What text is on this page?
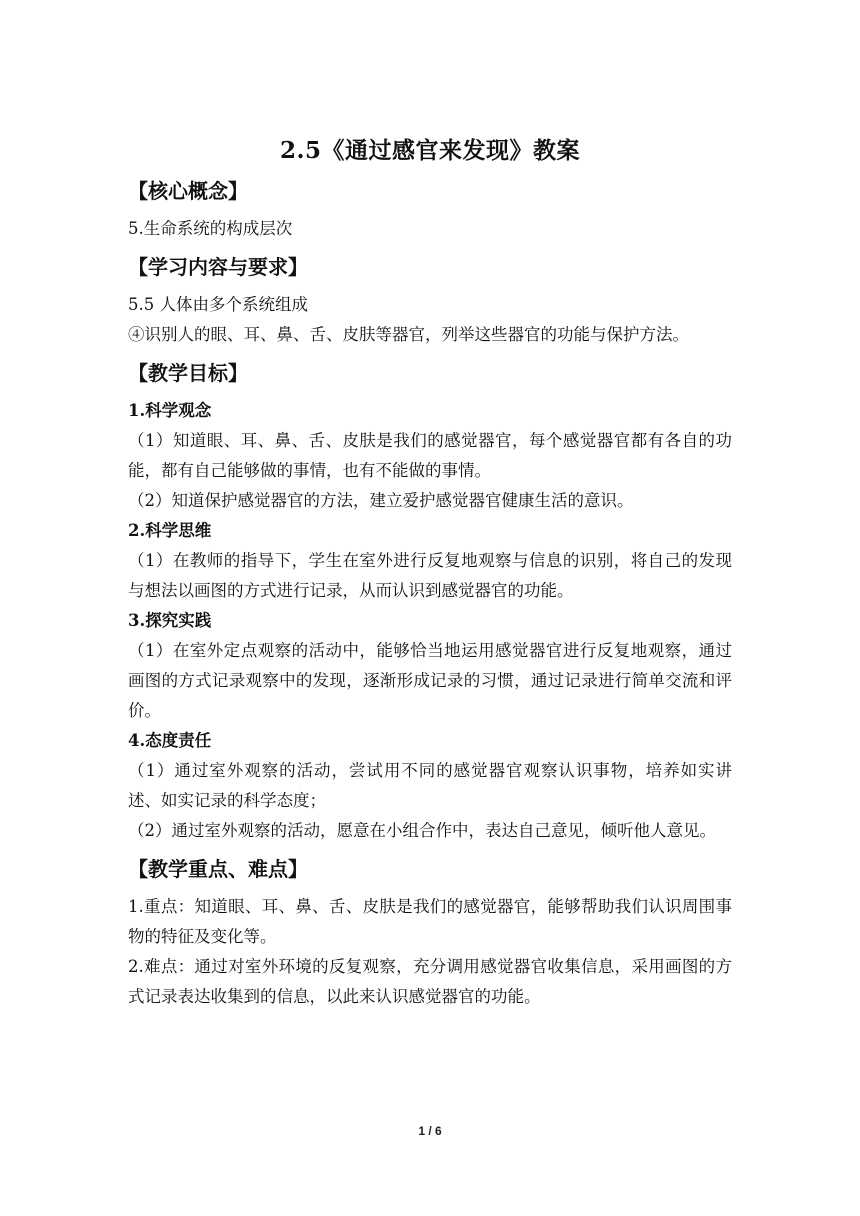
2.5《通过感官来发现》教案
【核心概念】

5.生命系统的构成层次

【学习内容与要求】

5.5 人体由多个系统组成

④识别人的眼、耳、鼻、舌、皮肤等器官，列举这些器官的功能与保护方法。

【教学目标】

1.科学观念

（1）知道眼、耳、鼻、舌、皮肤是我们的感觉器官，每个感觉器官都有各自的功能，都有自己能够做的事情，也有不能做的事情。

（2）知道保护感觉器官的方法，建立爱护感觉器官健康生活的意识。

2.科学思维

（1）在教师的指导下，学生在室外进行反复地观察与信息的识别，将自己的发现与想法以画图的方式进行记录，从而认识到感觉器官的功能。

3.探究实践

（1）在室外定点观察的活动中，能够恰当地运用感觉器官进行反复地观察，通过画图的方式记录观察中的发现，逐渐形成记录的习惯，通过记录进行简单交流和评价。

4.态度责任

（1）通过室外观察的活动，尝试用不同的感觉器官观察认识事物，培养如实讲述、如实记录的科学态度；

（2）通过室外观察的活动，愿意在小组合作中，表达自己意见，倾听他人意见。

【教学重点、难点】

1.重点：知道眼、耳、鼻、舌、皮肤是我们的感觉器官，能够帮助我们认识周围事物的特征及变化等。

2.难点：通过对室外环境的反复观察，充分调用感觉器官收集信息，采用画图的方式记录表达收集到的信息，以此来认识感觉器官的功能。

1 / 6
